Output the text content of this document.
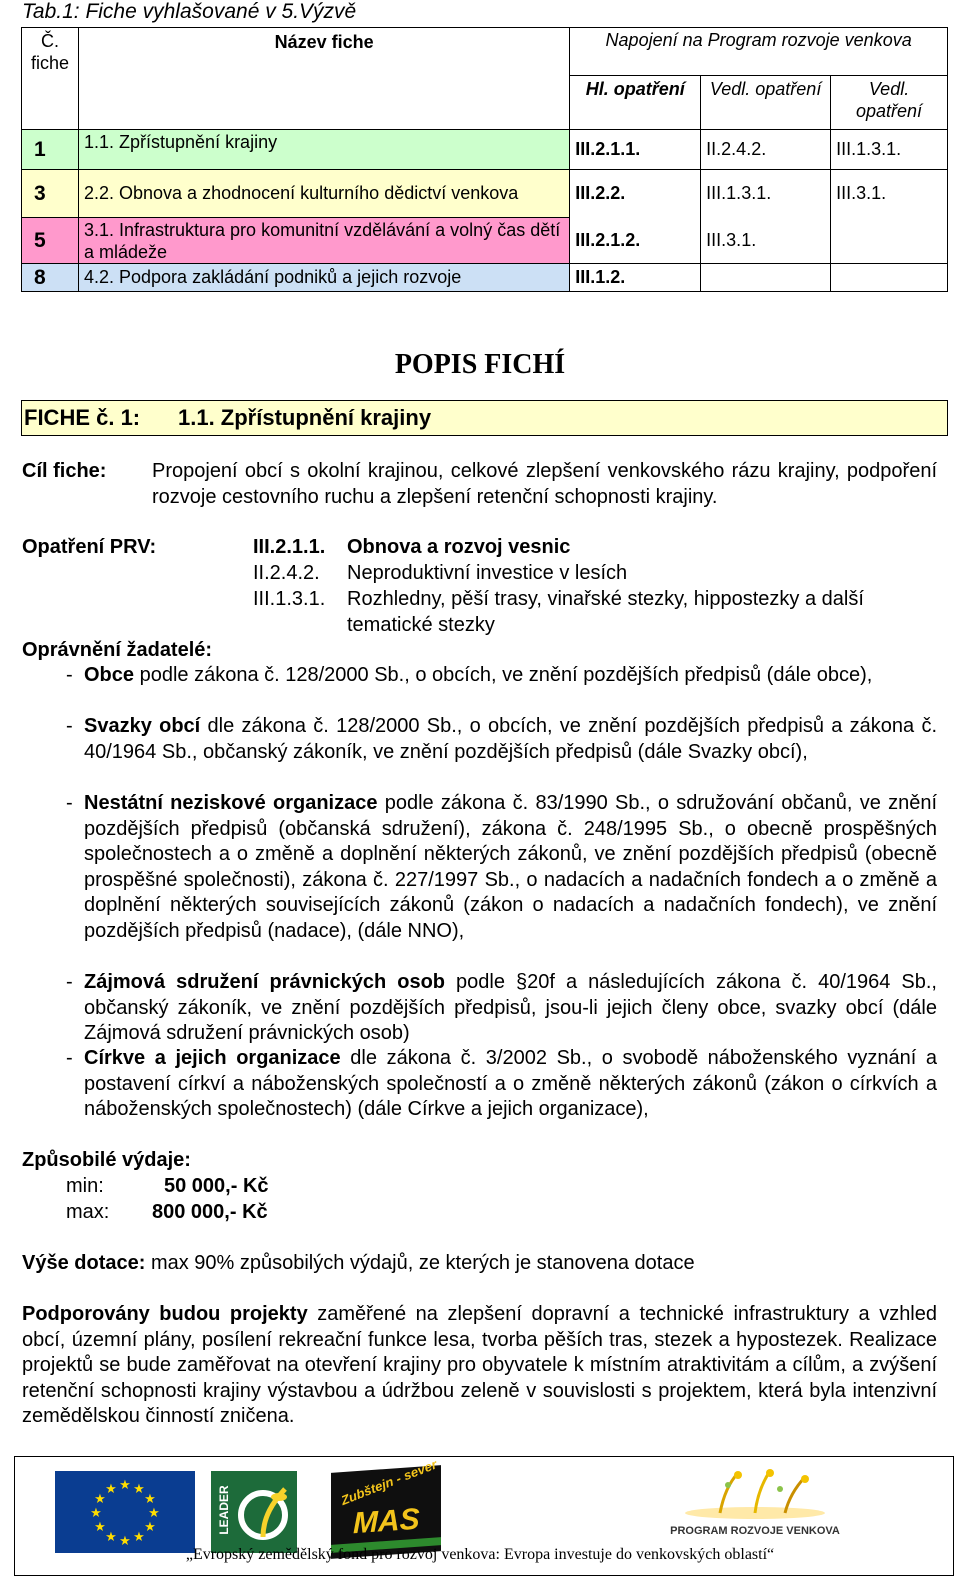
Tab.1: Fiche vyhlašované v 5.Výzvě
Č.
fiche	Název fiche	Napojení na Program rozvoje venkova		
		Hl. opatření	Vedl. opatření	Vedl. opatření
1	1.1. Zpřístupnění krajiny	III.2.1.1.	II.2.4.2.	III.1.3.1.
3	2.2. Obnova a zhodnocení kulturního dědictví venkova	III.2.2.	III.1.3.1.	III.3.1.
5	3.1. Infrastruktura pro komunitní vzdělávání a volný čas dětí a mládeže	III.2.1.2.	III.3.1.	
8	4.2. Podpora zakládání podniků a jejich rozvoje	III.1.2.		
POPIS FICHÍ
FICHE č. 1: 1.1. Zpřístupnění krajiny
Cíl fiche: Propojení obcí s okolní krajinou, celkové zlepšení venkovského rázu krajiny, podpoření rozvoje cestovního ruchu a zlepšení retenční schopnosti krajiny.
Opatření PRV:	III.2.1.1. Obnova a rozvoj vesnic
II.2.4.2. Neproduktivní investice v lesích
III.1.3.1. Rozhledny, pěší trasy, vinařské stezky, hippostezky a další tematické stezky
Oprávnění žadatelé:
- Obce podle zákona č. 128/2000 Sb., o obcích, ve znění pozdějších předpisů (dále obce),
- Svazky obcí dle zákona č. 128/2000 Sb., o obcích, ve znění pozdějších předpisů a zákona č. 40/1964 Sb., občanský zákoník, ve znění pozdějších předpisů (dále Svazky obcí),
- Nestátní neziskové organizace podle zákona č. 83/1990 Sb., o sdružování občanů, ve znění pozdějších předpisů (občanská sdružení), zákona č. 248/1995 Sb., o obecně prospěšných společnostech a o změně a doplnění některých zákonů, ve znění pozdějších předpisů (obecně prospěšné společnosti), zákona č. 227/1997 Sb., o nadacích a nadačních fondech a o změně a doplnění některých souvisejících zákonů (zákon o nadacích a nadačních fondech), ve znění pozdějších předpisů (nadace), (dále NNO),
- Zájmová sdružení právnických osob podle §20f a následujících zákona č. 40/1964 Sb., občanský zákoník, ve znění pozdějších předpisů, jsou-li jejich členy obce, svazky obcí (dále Zájmová sdružení právnických osob)
- Církve a jejich organizace dle zákona č. 3/2002 Sb., o svobodě náboženského vyznání a postavení církví a náboženských společností a o změně některých zákonů (zákon o církvích a náboženských společnostech) (dále Církve a jejich organizace),
Způsobilé výdaje:
min:	50 000,- Kč
max: 800 000,- Kč
Výše dotace: max 90% způsobilých výdajů, ze kterých je stanovena dotace
Podporovány budou projekty zaměřené na zlepšení dopravní a technické infrastruktury a vzhled obcí, územní plány, posílení rekreační funkce lesa, tvorba pěších tras, stezek a hypostezek. Realizace projektů se bude zaměřovat na otevření krajiny pro obyvatele k místním atraktivitám a cílům, a zvýšení retenční schopnosti krajiny výstavbou a údržbou zeleně v souvislosti s projektem, která byla intenzivní zemědělskou činností zničena.
★ ★
★
★
★
★
★
★
★
★
★
★	LEADER
Zubštejn - sever
MAS	PROGRAM ROZVOJE VENKOVA
„Evropský zemědělský fond pro rozvoj venkova: Evropa investuje do venkovských oblastí“
